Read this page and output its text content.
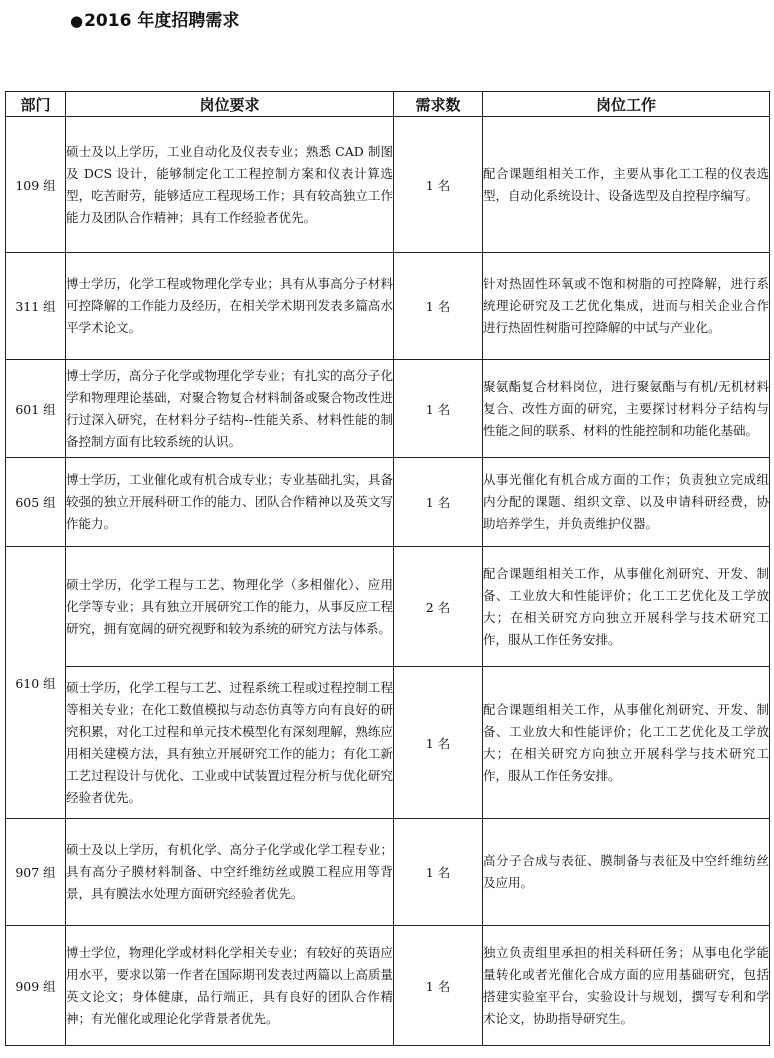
●2016 年度招聘需求
部门	岗位要求	需求数	岗位工作
109 组	硕士及以上学历，工业自动化及仪表专业；熟悉 CAD 制图及 DCS 设计，能够制定化工工程控制方案和仪表计算选型，吃苦耐劳，能够适应工程现场工作；具有较高独立工作能力及团队合作精神；具有工作经验者优先。	1 名	配合课题组相关工作，主要从事化工工程的仪表选型，自动化系统设计、设备选型及自控程序编写。
311 组	博士学历，化学工程或物理化学专业；具有从事高分子材料可控降解的工作能力及经历，在相关学术期刊发表多篇高水平学术论文。	1 名	针对热固性环氧或不饱和树脂的可控降解，进行系统理论研究及工艺优化集成，进而与相关企业合作进行热固性树脂可控降解的中试与产业化。
601 组	博士学历，高分子化学或物理化学专业；有扎实的高分子化学和物理理论基础，对聚合物复合材料制备或聚合物改性进行过深入研究，在材料分子结构--性能关系、材料性能的制备控制方面有比较系统的认识。	1 名	聚氨酯复合材料岗位，进行聚氨酯与有机/无机材料复合、改性方面的研究，主要探讨材料分子结构与性能之间的联系、材料的性能控制和功能化基础。
605 组	博士学历，工业催化或有机合成专业；专业基础扎实，具备较强的独立开展科研工作的能力、团队合作精神以及英文写作能力。	1 名	从事光催化有机合成方面的工作；负责独立完成组内分配的课题、组织文章、以及申请科研经费，协助培养学生，并负责维护仪器。
610 组	硕士学历，化学工程与工艺、物理化学（多相催化）、应用化学等专业；具有独立开展研究工作的能力，从事反应工程研究，拥有宽阔的研究视野和较为系统的研究方法与体系。	2 名	配合课题组相关工作，从事催化剂研究、开发、制备、工业放大和性能评价；化工工艺优化及工学放大；在相关研究方向独立开展科学与技术研究工作，服从工作任务安排。
	硕士学历，化学工程与工艺、过程系统工程或过程控制工程等相关专业；在化工数值模拟与动态仿真等方向有良好的研究积累，对化工过程和单元技术模型化有深刻理解，熟练应用相关建模方法，具有独立开展研究工作的能力；有化工新工艺过程设计与优化、工业或中试装置过程分析与优化研究经验者优先。	1 名	配合课题组相关工作，从事催化剂研究、开发、制备、工业放大和性能评价；化工工艺优化及工学放大；在相关研究方向独立开展科学与技术研究工作，服从工作任务安排。
907 组	硕士及以上学历，有机化学、高分子化学或化学工程专业；具有高分子膜材料制备、中空纤维纺丝或膜工程应用等背景，具有膜法水处理方面研究经验者优先。	1 名	高分子合成与表征、膜制备与表征及中空纤维纺丝及应用。
909 组	博士学位，物理化学或材料化学相关专业；有较好的英语应用水平，要求以第一作者在国际期刊发表过两篇以上高质量英文论文；身体健康，品行端正，具有良好的团队合作精神；有光催化或理论化学背景者优先。	1 名	独立负责组里承担的相关科研任务；从事电化学能量转化或者光催化合成方面的应用基础研究，包括搭建实验室平台，实验设计与规划，撰写专利和学术论文，协助指导研究生。
